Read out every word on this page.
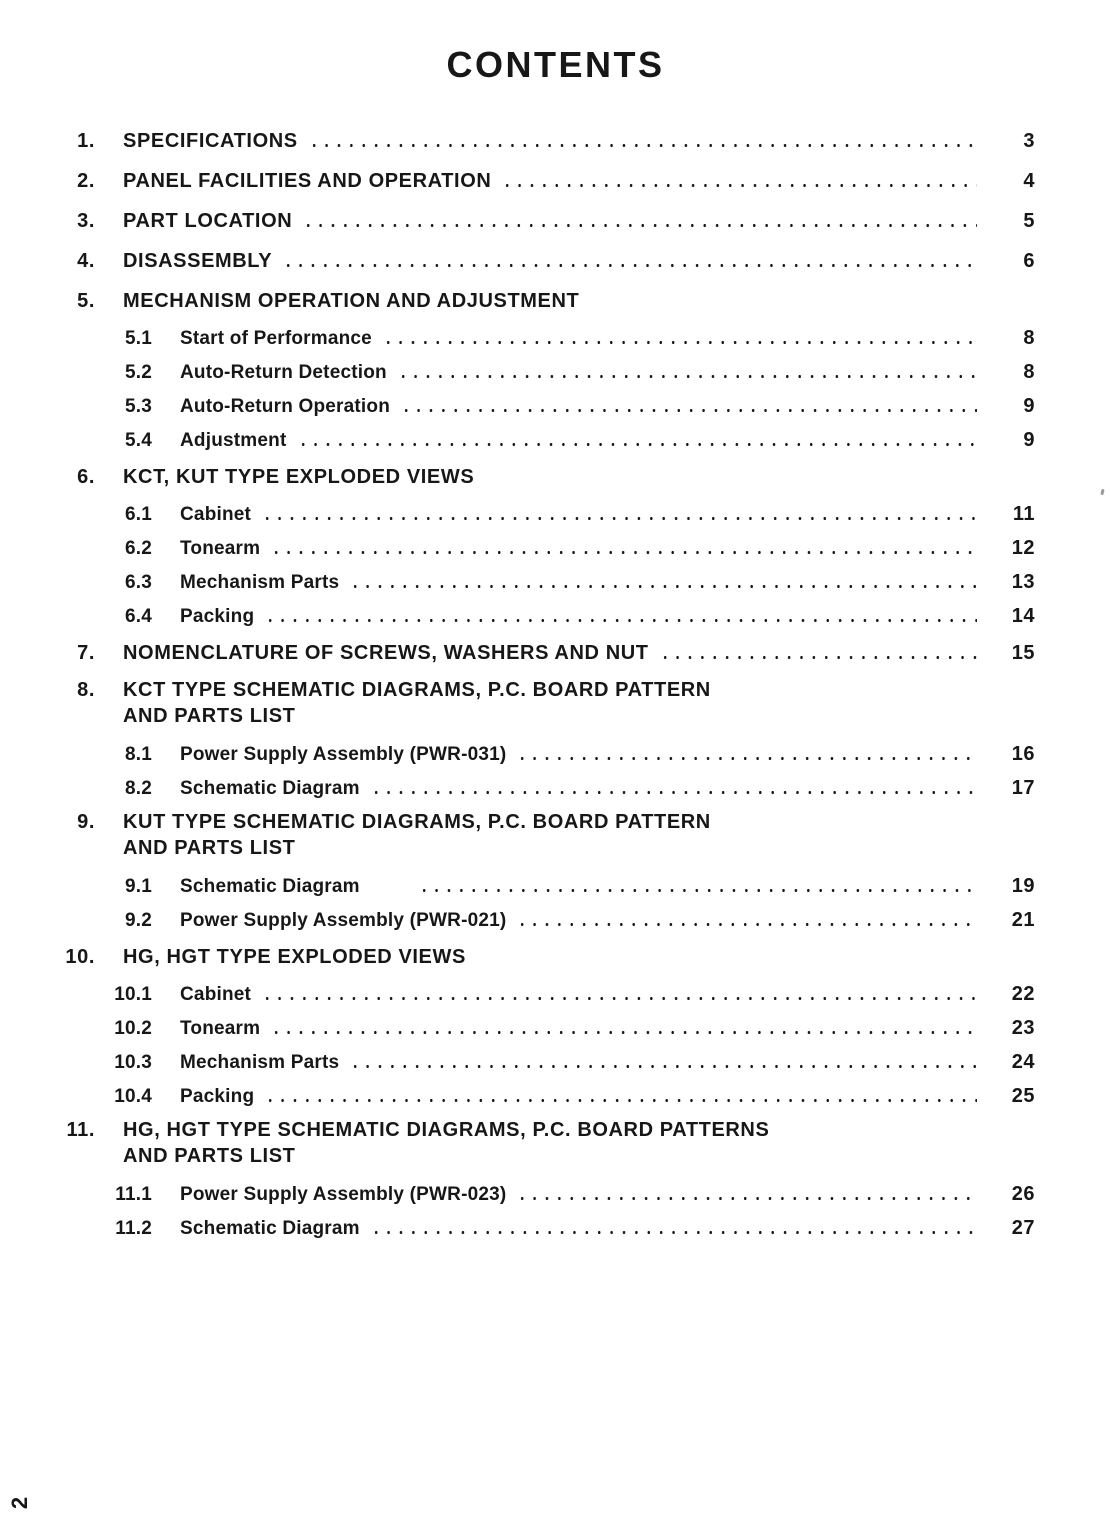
CONTENTS
1.	SPECIFICATIONS	3
2.	PANEL FACILITIES AND OPERATION	4
3.	PART LOCATION	5
4.	DISASSEMBLY	6
5.	MECHANISM OPERATION AND ADJUSTMENT
5.1	Start of Performance	8
5.2	Auto-Return Detection	8
5.3	Auto-Return Operation	9
5.4	Adjustment	9
6.	KCT, KUT TYPE EXPLODED VIEWS
6.1	Cabinet	11
6.2	Tonearm	12
6.3	Mechanism Parts	13
6.4	Packing	14
7.	NOMENCLATURE OF SCREWS, WASHERS AND NUT	15
8.	KCT TYPE SCHEMATIC DIAGRAMS, P.C. BOARD PATTERN
AND PARTS LIST
8.1	Power Supply Assembly (PWR-031)	16
8.2	Schematic Diagram	17
9.	KUT TYPE SCHEMATIC DIAGRAMS, P.C. BOARD PATTERN
AND PARTS LIST
9.1	Schematic Diagram	19
9.2	Power Supply Assembly (PWR-021)	21
10.	HG, HGT TYPE EXPLODED VIEWS
10.1	Cabinet	22
10.2	Tonearm	23
10.3	Mechanism Parts	24
10.4	Packing	25
11.	HG, HGT TYPE SCHEMATIC DIAGRAMS, P.C. BOARD PATTERNS
AND PARTS LIST
11.1	Power Supply Assembly (PWR-023)	26
11.2	Schematic Diagram	27
2
